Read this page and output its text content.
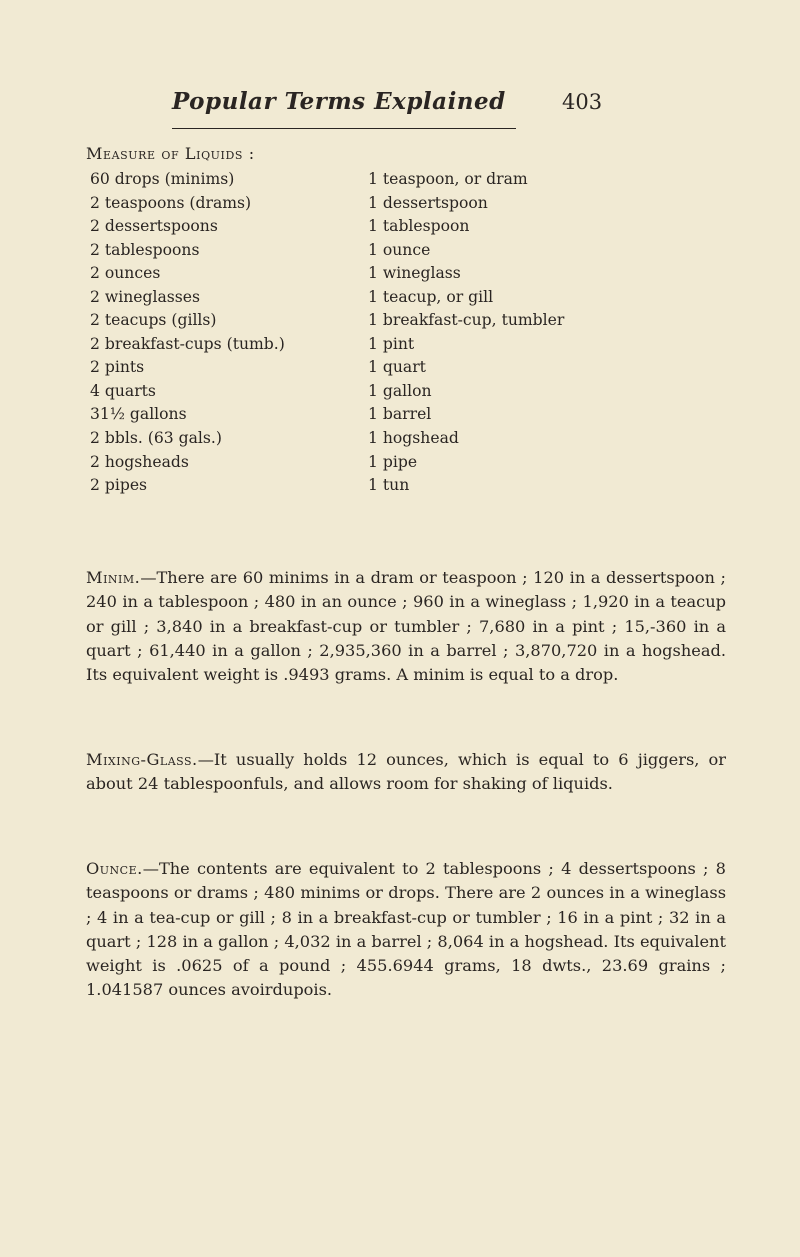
Popular Terms Explained	403
Measure of Liquids :
60 drops (minims)	1 teaspoon, or dram
2 teaspoons (drams)	1 dessertspoon
2 dessertspoons	1 tablespoon
2 tablespoons	1 ounce
2 ounces	1 wineglass
2 wineglasses	1 teacup, or gill
2 teacups (gills)	1 breakfast-cup, tumbler
2 breakfast-cups (tumb.)	1 pint
2 pints	1 quart
4 quarts	1 gallon
31½ gallons	1 barrel
2 bbls. (63 gals.)	1 hogshead
2 hogsheads	1 pipe
2 pipes	1 tun

Minim.—There are 60 minims in a dram or teaspoon ; 120 in a dessertspoon ; 240 in a tablespoon ; 480 in an ounce ; 960 in a wineglass ; 1,920 in a teacup or gill ; 3,840 in a breakfast-cup or tumbler ; 7,680 in a pint ; 15,-360 in a quart ; 61,440 in a gallon ; 2,935,360 in a barrel ; 3,870,720 in a hogshead. Its equivalent weight is .9493 grams. A minim is equal to a drop.

Mixing-Glass.—It usually holds 12 ounces, which is equal to 6 jiggers, or about 24 tablespoonfuls, and allows room for shaking of liquids.

Ounce.—The contents are equivalent to 2 tablespoons ; 4 dessertspoons ; 8 teaspoons or drams ; 480 minims or drops. There are 2 ounces in a wineglass ; 4 in a tea-cup or gill ; 8 in a breakfast-cup or tumbler ; 16 in a pint ; 32 in a quart ; 128 in a gallon ; 4,032 in a barrel ; 8,064 in a hogshead. Its equivalent weight is .0625 of a pound ; 455.6944 grams, 18 dwts., 23.69 grains ; 1.041587 ounces avoirdupois.
